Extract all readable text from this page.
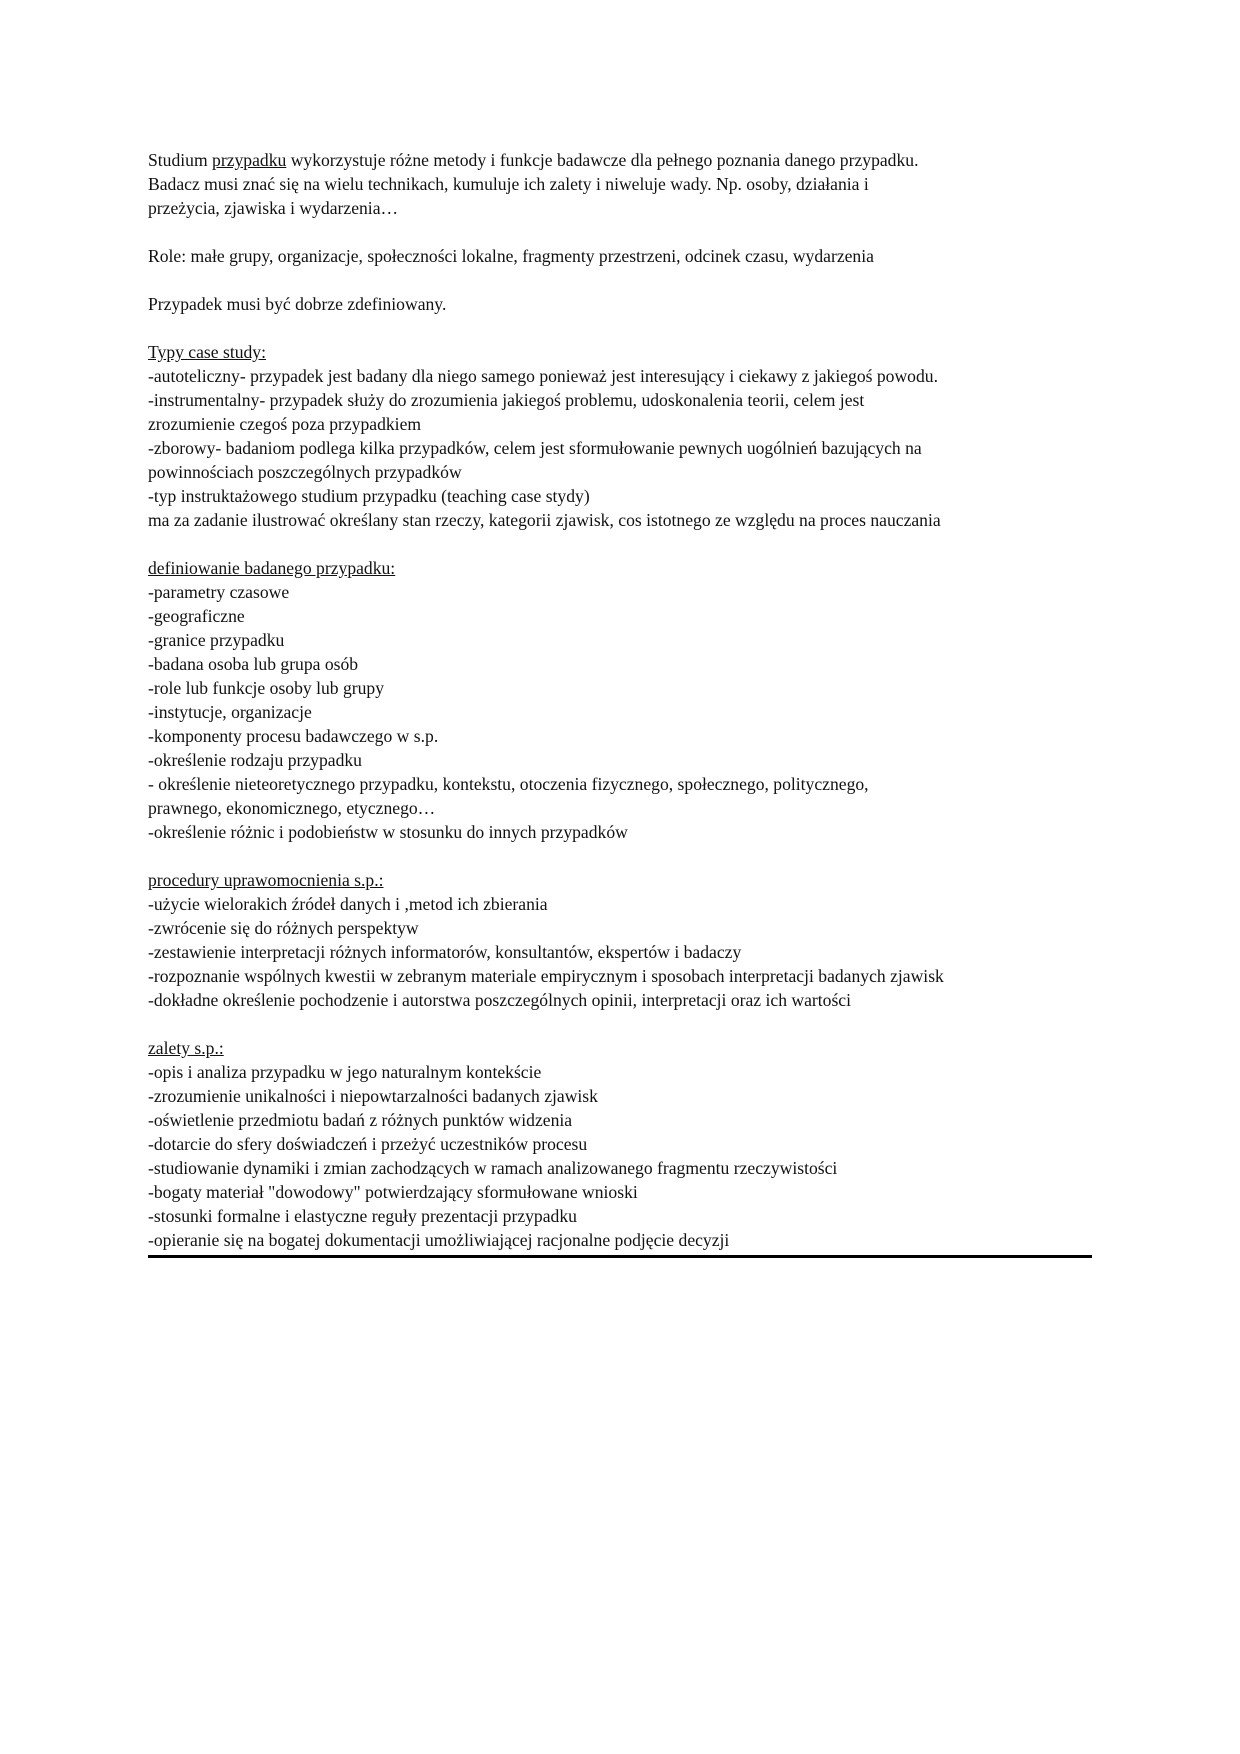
Studium przypadku wykorzystuje różne metody i funkcje badawcze dla pełnego poznania danego przypadku.
Badacz musi znać się na wielu technikach, kumuluje ich zalety i niweluje wady. Np. osoby, działania i
przeżycia, zjawiska i wydarzenia…
Role: małe grupy, organizacje, społeczności lokalne, fragmenty przestrzeni, odcinek czasu, wydarzenia
Przypadek musi być dobrze zdefiniowany.
Typy case study:
-autoteliczny- przypadek jest badany dla niego samego ponieważ jest interesujący i ciekawy z jakiegoś powodu.
-instrumentalny- przypadek służy do zrozumienia jakiegoś problemu, udoskonalenia teorii, celem jest
zrozumienie czegoś poza przypadkiem
-zborowy- badaniom podlega kilka przypadków, celem jest sformułowanie pewnych uogólnień bazujących na
powinnościach poszczególnych przypadków
-typ instruktażowego studium przypadku (teaching case stydy)
ma za zadanie ilustrować określany stan rzeczy, kategorii zjawisk, cos istotnego ze względu na proces nauczania
definiowanie badanego przypadku:
-parametry czasowe
-geograficzne
-granice przypadku
-badana osoba lub grupa osób
-role lub funkcje osoby lub grupy
-instytucje, organizacje
-komponenty procesu badawczego w s.p.
-określenie rodzaju przypadku
- określenie nieteoretycznego przypadku, kontekstu, otoczenia fizycznego, społecznego, politycznego,
prawnego, ekonomicznego, etycznego…
-określenie różnic i podobieństw w stosunku do innych przypadków
procedury uprawomocnienia s.p.:
-użycie wielorakich źródeł danych i ,metod ich zbierania
-zwrócenie się do różnych perspektyw
-zestawienie interpretacji różnych informatorów, konsultantów, ekspertów i badaczy
-rozpoznanie wspólnych kwestii w zebranym materiale empirycznym i sposobach interpretacji badanych zjawisk
-dokładne określenie pochodzenie i autorstwa poszczególnych opinii, interpretacji oraz ich wartości
zalety s.p.:
-opis i analiza przypadku w jego naturalnym kontekście
-zrozumienie unikalności i niepowtarzalności badanych zjawisk
-oświetlenie przedmiotu badań z różnych punktów widzenia
-dotarcie do sfery doświadczeń i przeżyć uczestników procesu
-studiowanie dynamiki i zmian zachodzących w ramach analizowanego fragmentu rzeczywistości
-bogaty materiał "dowodowy" potwierdzający sformułowane wnioski
-stosunki formalne i elastyczne reguły prezentacji przypadku
-opieranie się na bogatej dokumentacji umożliwiającej racjonalne podjęcie decyzji
